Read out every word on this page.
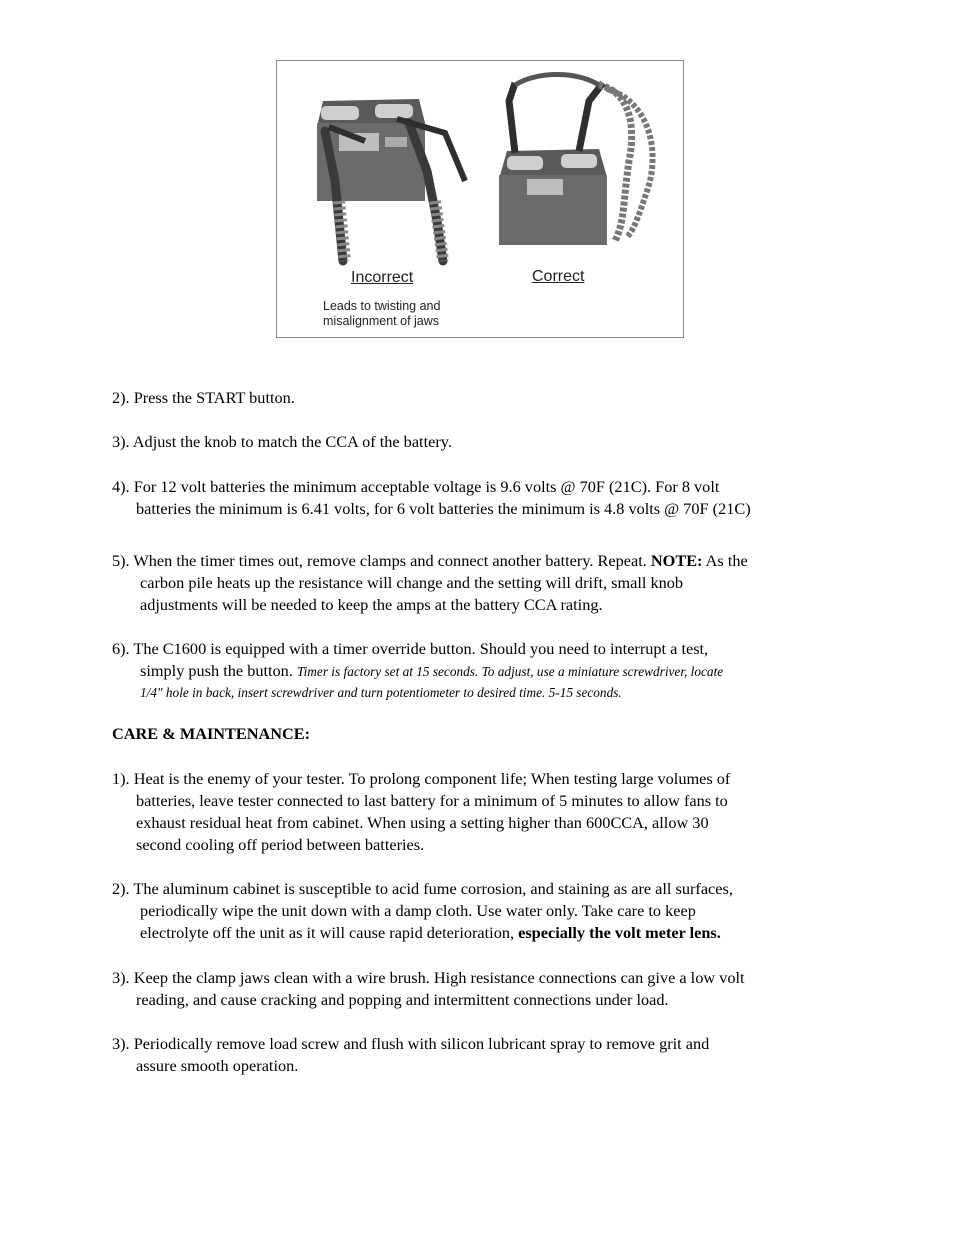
Incorrect
Leads to twisting and
misalignment of jaws
Correct
2). Press the START button.
3). Adjust the knob to match the CCA of the battery.
4). For 12 volt batteries the minimum acceptable voltage is 9.6 volts @ 70F (21C). For 8 volt
batteries the minimum is 6.41 volts, for 6 volt batteries the minimum is 4.8 volts @ 70F (21C)
5). When the timer times out, remove clamps and connect another battery. Repeat. NOTE: As the
carbon pile heats up the resistance will change and the setting will drift, small knob
adjustments will be needed to keep the amps at the battery CCA rating.
6). The C1600 is equipped with a timer override button. Should you need to interrupt a test,
simply push the button. Timer is factory set at 15 seconds. To adjust, use a miniature screwdriver, locate
1/4" hole in back, insert screwdriver and turn potentiometer to desired time. 5-15 seconds.
CARE & MAINTENANCE:
1). Heat is the enemy of your tester. To prolong component life; When testing large volumes of
batteries, leave tester connected to last battery for a minimum of 5 minutes to allow fans to
exhaust residual heat from cabinet. When using a setting higher than 600CCA, allow 30
second cooling off period between batteries.
2). The aluminum cabinet is susceptible to acid fume corrosion, and staining as are all surfaces,
periodically wipe the unit down with a damp cloth. Use water only. Take care to keep
electrolyte off the unit as it will cause rapid deterioration, especially the volt meter lens.
3). Keep the clamp jaws clean with a wire brush. High resistance connections can give a low volt
reading, and cause cracking and popping and intermittent connections under load.
3). Periodically remove load screw and flush with silicon lubricant spray to remove grit and
assure smooth operation.
